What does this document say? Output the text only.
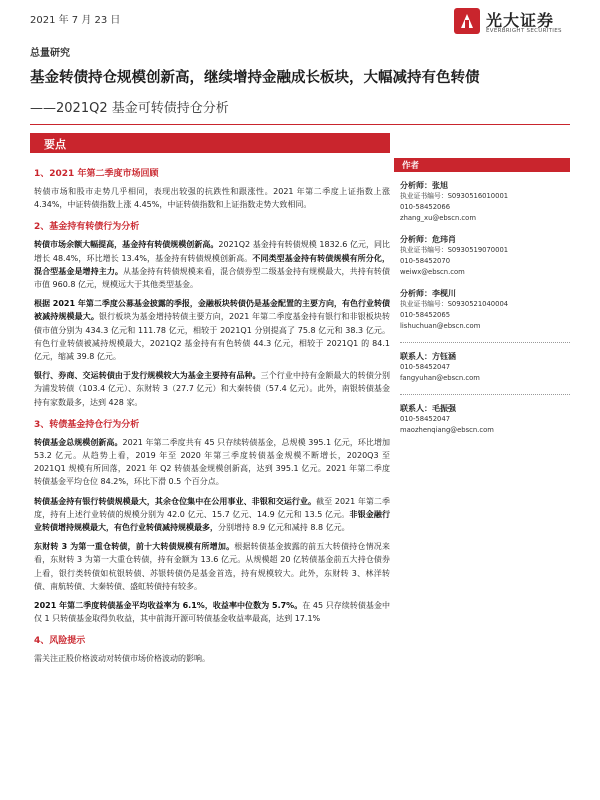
2021 年 7 月 23 日	光大证券
EVERBRIGHT SECURITIES
总量研究
基金转债持仓规模创新高，继续增持金融成长板块，大幅减持有色转债
——2021Q2 基金可转债持仓分析
要点
1、2021 年第二季度市场回顾
转债市场和股市走势几乎相同，表现出较强的抗跌性和跟涨性。2021 年第二季度上证指数上涨 4.34%，中证转债指数上涨 4.45%，中证转债指数和上证指数走势大致相同。
2、基金持有转债行为分析
转债市场余额大幅提高，基金持有转债规模创新高。2021Q2 基金持有转债规模 1832.6 亿元，同比增长 48.4%，环比增长 13.4%，基金持有转债规模创新高。不同类型基金持有转债规模有所分化，混合型基金是增持主力。从基金持有转债规模来看，混合债券型二级基金持有规模最大，共持有转债市值 960.8 亿元，规模远大于其他类型基金。
根据 2021 年第二季度公募基金披露的季报，金融板块转债仍是基金配置的主要方向，有色行业转债被减持规模最大。银行板块为基金增持转债主要方向，2021 年第二季度基金持有银行和非银板块转债市值分别为 434.3 亿元和 111.78 亿元，相较于 2021Q1 分别提高了 75.8 亿元和 38.3 亿元。有色行业转债被减持规模最大，2021Q2 基金持有有色转债 44.3 亿元，相较于 2021Q1 的 84.1 亿元，缩减 39.8 亿元。
银行、券商、交运转债由于发行规模较大为基金主要持有品种。三个行业中持有金额最大的转债分别为浦发转债（103.4 亿元）、东财转 3（27.7 亿元）和大秦转债（57.4 亿元）。此外，南银转债基金持有家数最多，达到 428 家。
3、转债基金持仓行为分析
转债基金总规模创新高。2021 年第二季度共有 45 只存续转债基金，总规模 395.1 亿元，环比增加 53.2 亿元。从趋势上看，2019 年至 2020 年第三季度转债基金规模不断增长，2020Q3 至 2021Q1 规模有所回落，2021 年 Q2 转债基金规模创新高，达到 395.1 亿元。2021 年第二季度转债基金平均仓位 84.2%，环比下滑 0.5 个百分点。
转债基金持有银行转债规模最大，其余仓位集中在公用事业、非银和交运行业。截至 2021 年第二季度，持有上述行业转债的规模分别为 42.0 亿元、15.7 亿元、14.9 亿元和 13.5 亿元。非银金融行业转债增持规模最大，有色行业转债减持规模最多，分别增持 8.9 亿元和减持 8.8 亿元。
东财转 3 为第一重仓转债，前十大转债规模有所增加。根据转债基金披露的前五大转债持仓情况来看，东财转 3 为第一大重仓转债，持有金额为 13.6 亿元。从规模超 20 亿转债基金前五大持仓债券上看，银行类转债如杭银转债、苏银转债仍是基金首选，持有规模较大。此外，东财转 3、林洋转债、南航转债、大秦转债、盛虹转债持有较多。
2021 年第二季度转债基金平均收益率为 6.1%，收益率中位数为 5.7%。在 45 只存续转债基金中仅 1 只转债基金取得负收益，其中前海开源可转债基金收益率最高，达到 17.1%
4、风险提示
需关注正股价格波动对转债市场价格波动的影响。
作者
分析师：张旭
执业证书编号：S0930516010001
010-58452066
zhang_xu@ebscn.com
分析师：危玮肖
执业证书编号：S0930519070001
010-58452070
weiwx@ebscn.com
分析师：李枧川
执业证书编号：S0930521040004
010-58452065
lishuchuan@ebscn.com
联系人：方钰涵
010-58452047
fangyuhan@ebscn.com
联系人：毛振强
010-58452047
maozhenqiang@ebscn.com
